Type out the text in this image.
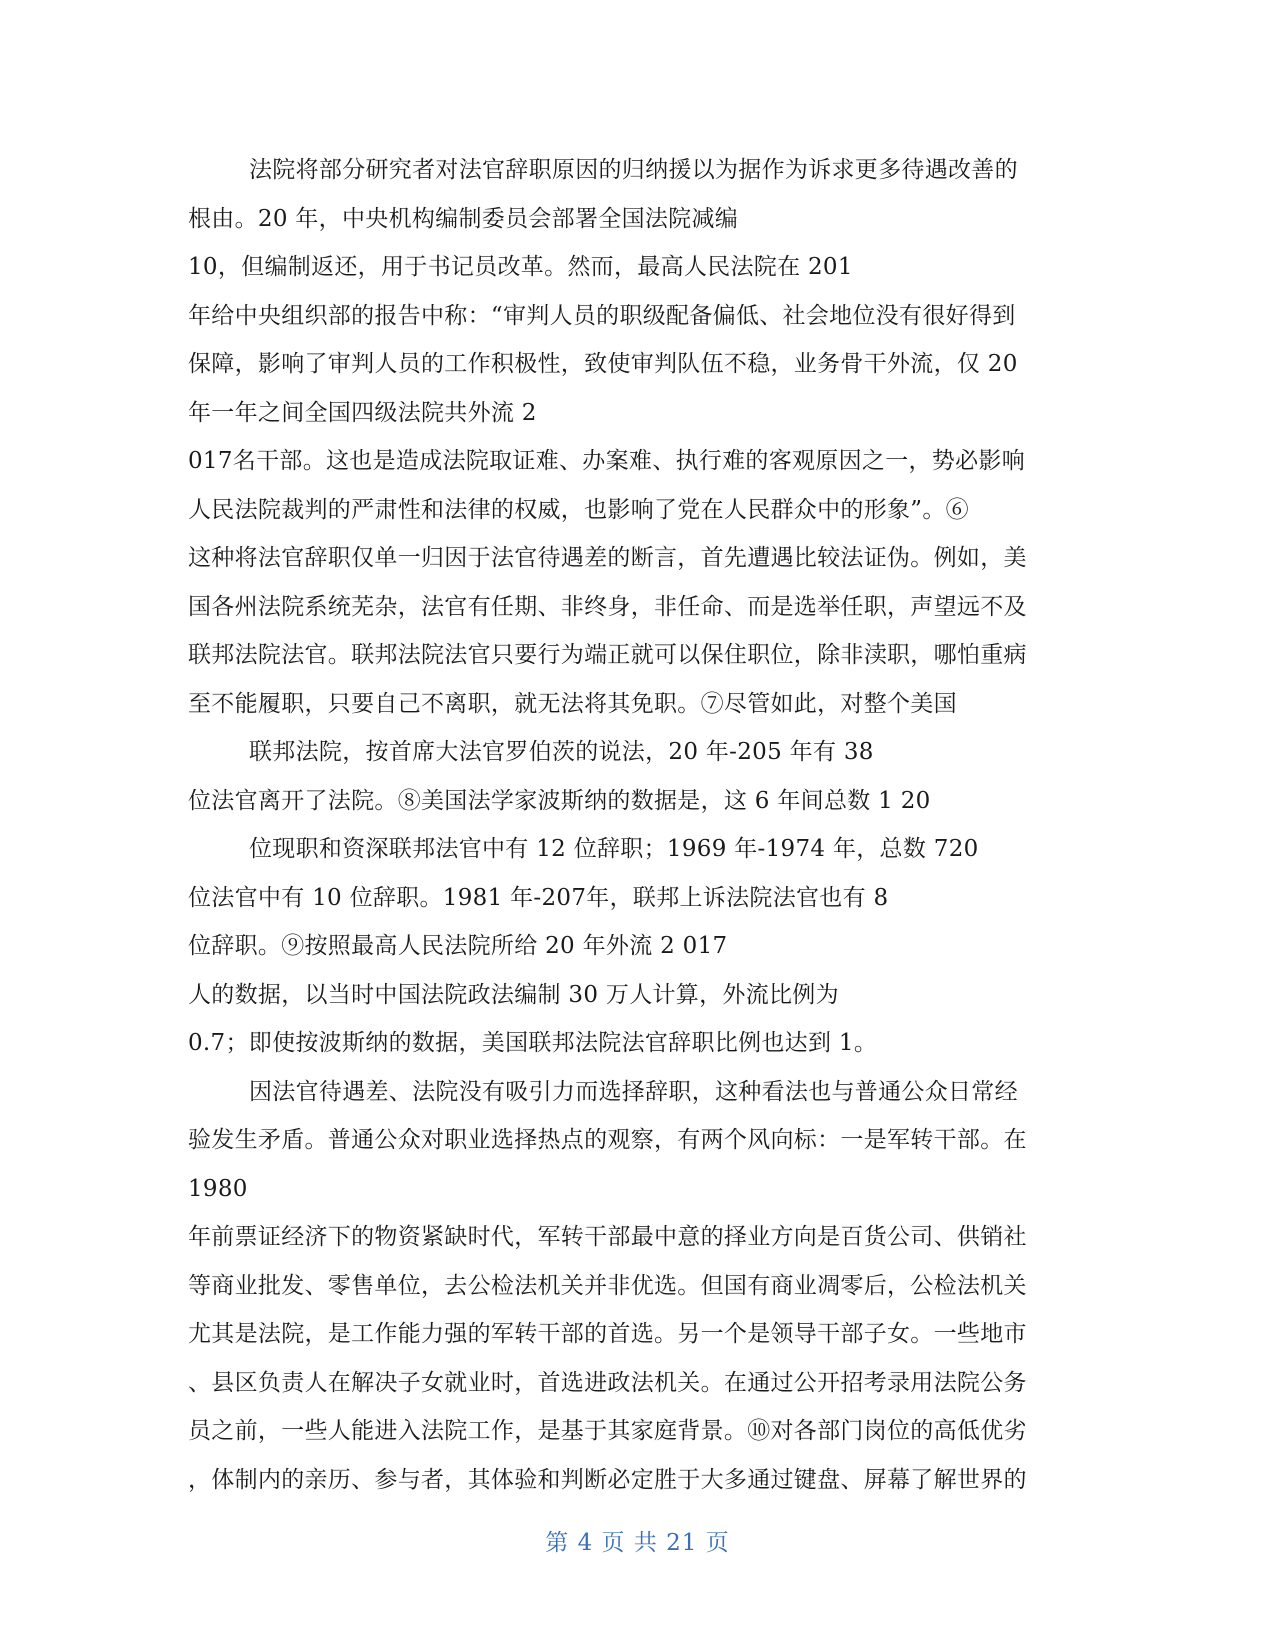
法院将部分研究者对法官辞职原因的归纳援以为据作为诉求更多待遇改善的
根由。20 年，中央机构编制委员会部署全国法院减编
10，但编制返还，用于书记员改革。然而，最高人民法院在 201
年给中央组织部的报告中称：“审判人员的职级配备偏低、社会地位没有很好得到
保障，影响了审判人员的工作积极性，致使审判队伍不稳，业务骨干外流，仅 20
年一年之间全国四级法院共外流 2
017名干部。这也是造成法院取证难、办案难、执行难的客观原因之一，势必影响
人民法院裁判的严肃性和法律的权威，也影响了党在人民群众中的形象”。⑥
这种将法官辞职仅单一归因于法官待遇差的断言，首先遭遇比较法证伪。例如，美
国各州法院系统芜杂，法官有任期、非终身，非任命、而是选举任职，声望远不及
联邦法院法官。联邦法院法官只要行为端正就可以保住职位，除非渎职，哪怕重病
至不能履职，只要自己不离职，就无法将其免职。⑦尽管如此，对整个美国
联邦法院，按首席大法官罗伯茨的说法，20 年-205 年有 38
位法官离开了法院。⑧美国法学家波斯纳的数据是，这 6 年间总数 1 20
位现职和资深联邦法官中有 12 位辞职；1969 年-1974 年，总数 720
位法官中有 10 位辞职。1981 年-207年，联邦上诉法院法官也有 8
位辞职。⑨按照最高人民法院所给 20 年外流 2 017
人的数据，以当时中国法院政法编制 30 万人计算，外流比例为
0.7；即使按波斯纳的数据，美国联邦法院法官辞职比例也达到 1。
因法官待遇差、法院没有吸引力而选择辞职，这种看法也与普通公众日常经
验发生矛盾。普通公众对职业选择热点的观察，有两个风向标：一是军转干部。在
1980
年前票证经济下的物资紧缺时代，军转干部最中意的择业方向是百货公司、供销社
等商业批发、零售单位，去公检法机关并非优选。但国有商业凋零后，公检法机关
尤其是法院，是工作能力强的军转干部的首选。另一个是领导干部子女。一些地市
、县区负责人在解决子女就业时，首选进政法机关。在通过公开招考录用法院公务
员之前，一些人能进入法院工作，是基于其家庭背景。⑩对各部门岗位的高低优劣
，体制内的亲历、参与者，其体验和判断必定胜于大多通过键盘、屏幕了解世界的
第 4 页 共 21 页
